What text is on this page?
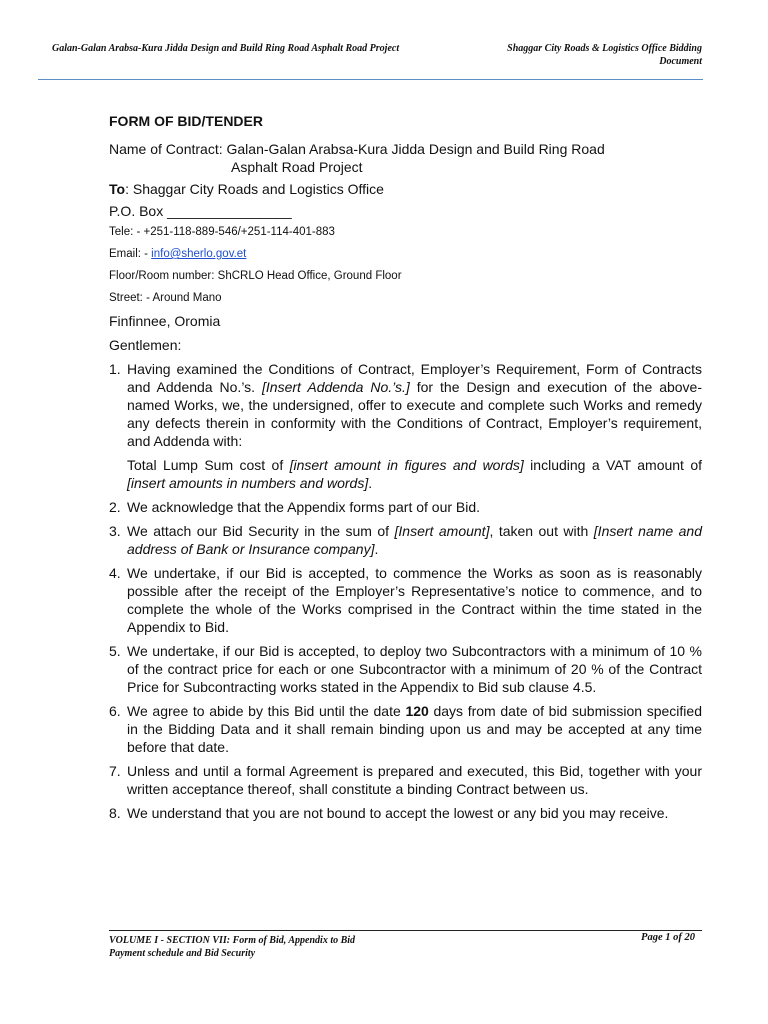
Galan-Galan Arabsa-Kura Jidda Design and Build Ring Road Asphalt Road Project	Shaggar City Roads & Logistics Office Bidding
Document
FORM OF BID/TENDER
Name of Contract: Galan-Galan Arabsa-Kura Jidda Design and Build Ring Road
Asphalt Road Project
To: Shaggar City Roads and Logistics Office
P.O. Box ________________
Tele: - +251-118-889-546/+251-114-401-883
Email: - info@sherlo.gov.et
Floor/Room number: ShCRLO Head Office, Ground Floor
Street: - Around Mano
Finfinnee, Oromia
Gentlemen:
1. Having examined the Conditions of Contract, Employer’s Requirement, Form of Contracts and Addenda No.’s. [Insert Addenda No.’s.] for the Design and execution of the above-named Works, we, the undersigned, offer to execute and complete such Works and remedy any defects therein in conformity with the Conditions of Contract, Employer’s requirement, and Addenda with:
Total Lump Sum cost of [insert amount in figures and words] including a VAT amount of [insert amounts in numbers and words].
2. We acknowledge that the Appendix forms part of our Bid.
3. We attach our Bid Security in the sum of [Insert amount], taken out with [Insert name and address of Bank or Insurance company].
4. We undertake, if our Bid is accepted, to commence the Works as soon as is reasonably possible after the receipt of the Employer’s Representative’s notice to commence, and to complete the whole of the Works comprised in the Contract within the time stated in the Appendix to Bid.
5. We undertake, if our Bid is accepted, to deploy two Subcontractors with a minimum of 10 % of the contract price for each or one Subcontractor with a minimum of 20 % of the Contract Price for Subcontracting works stated in the Appendix to Bid sub clause 4.5.
6. We agree to abide by this Bid until the date 120 days from date of bid submission specified in the Bidding Data and it shall remain binding upon us and may be accepted at any time before that date.
7. Unless and until a formal Agreement is prepared and executed, this Bid, together with your written acceptance thereof, shall constitute a binding Contract between us.
8. We understand that you are not bound to accept the lowest or any bid you may receive.
VOLUME I - SECTION VII: Form of Bid, Appendix to Bid
Payment schedule and Bid Security
Page 1 of 20
